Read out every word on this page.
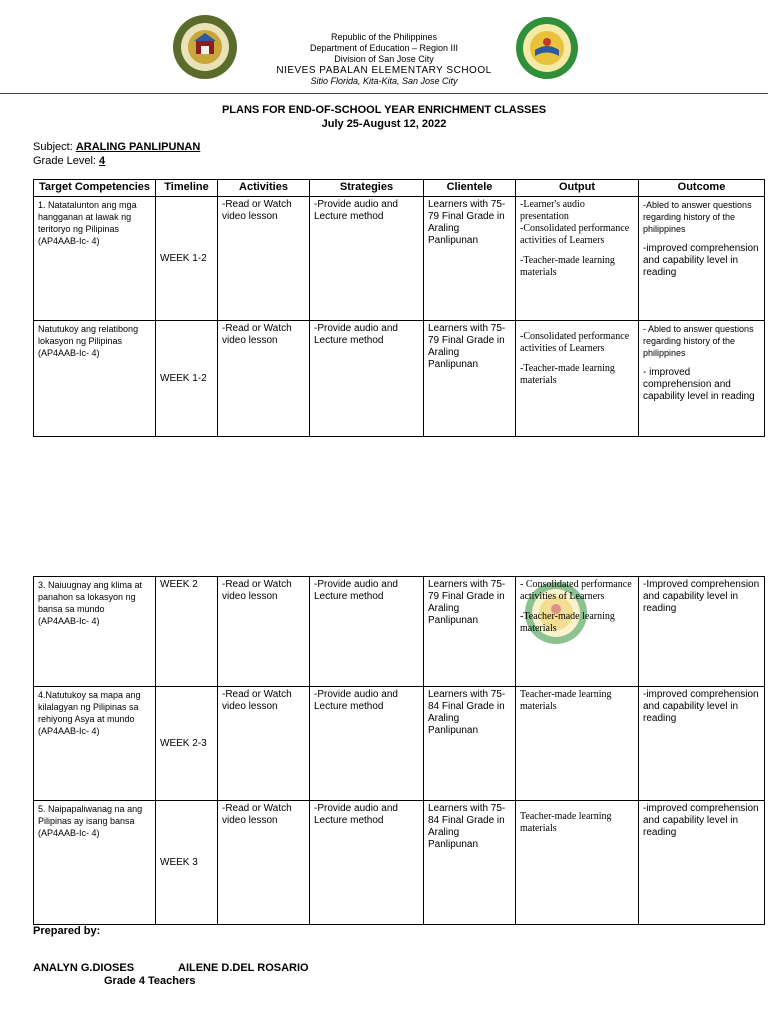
Republic of the Philippines
Department of Education – Region III
Division of San Jose City
NIEVES PABALAN ELEMENTARY SCHOOL
Sitio Florida, Kita-Kita, San Jose City
PLANS FOR END-OF-SCHOOL YEAR ENRICHMENT CLASSES
July 25-August 12, 2022
Subject: ARALING PANLIPUNAN
Grade Level: 4
Target Competencies	Timeline	Activities	Strategies	Clientele	Output	Outcome

1. Natatalunton ang mga hangganan at lawak ng teritoryo ng Pilipinas
(AP4AAB-Ic- 4)	WEEK 1-2	-Read or Watch video lesson	-Provide audio and Lecture method	Learners with 75-79 Final Grade in Araling Panlipunan	-Learner's audio presentation
-Consolidated performance activities of Learners
-Teacher-made learning materials	-Abled to answer questions regarding history of the philippines
-improved comprehension and capability level in reading

Natutukoy ang relatibong lokasyon ng Pilipinas
(AP4AAB-Ic- 4)	WEEK 1-2	-Read or Watch video lesson	-Provide audio and Lecture method	Learners with 75-79 Final Grade in Araling Panlipunan	-Consolidated performance activities of Learners
-Teacher-made learning materials	- Abled to answer questions regarding history of the philippines
- improved comprehension and capability level in reading
3. Naiuugnay ang klima at panahon sa lokasyon ng bansa sa mundo
(AP4AAB-Ic- 4)	WEEK 2	-Read or Watch video lesson	-Provide audio and Lecture method	Learners with 75-79 Final Grade in Araling Panlipunan	- Consolidated performance activities of Learners
-Teacher-made learning materials	-Improved comprehension and capability level in reading

4.Natutukoy sa mapa ang kilalagyan ng Pilipinas sa rehiyong Asya at mundo
(AP4AAB-Ic- 4)	WEEK 2-3	-Read or Watch video lesson	-Provide audio and Lecture method	Learners with 75-84 Final Grade in Araling Panlipunan	Teacher-made learning materials	-improved comprehension and capability level in reading

5. Naipapaliwanag na ang Pilipinas ay isang bansa
(AP4AAB-Ic- 4)	WEEK 3	-Read or Watch video lesson	-Provide audio and Lecture method	Learners with 75-84 Final Grade in Araling Panlipunan	Teacher-made learning materials	-improved comprehension and capability level in reading
Prepared by:
ANALYN G.DIOSES	AILENE D.DEL ROSARIO
Grade 4 Teachers
